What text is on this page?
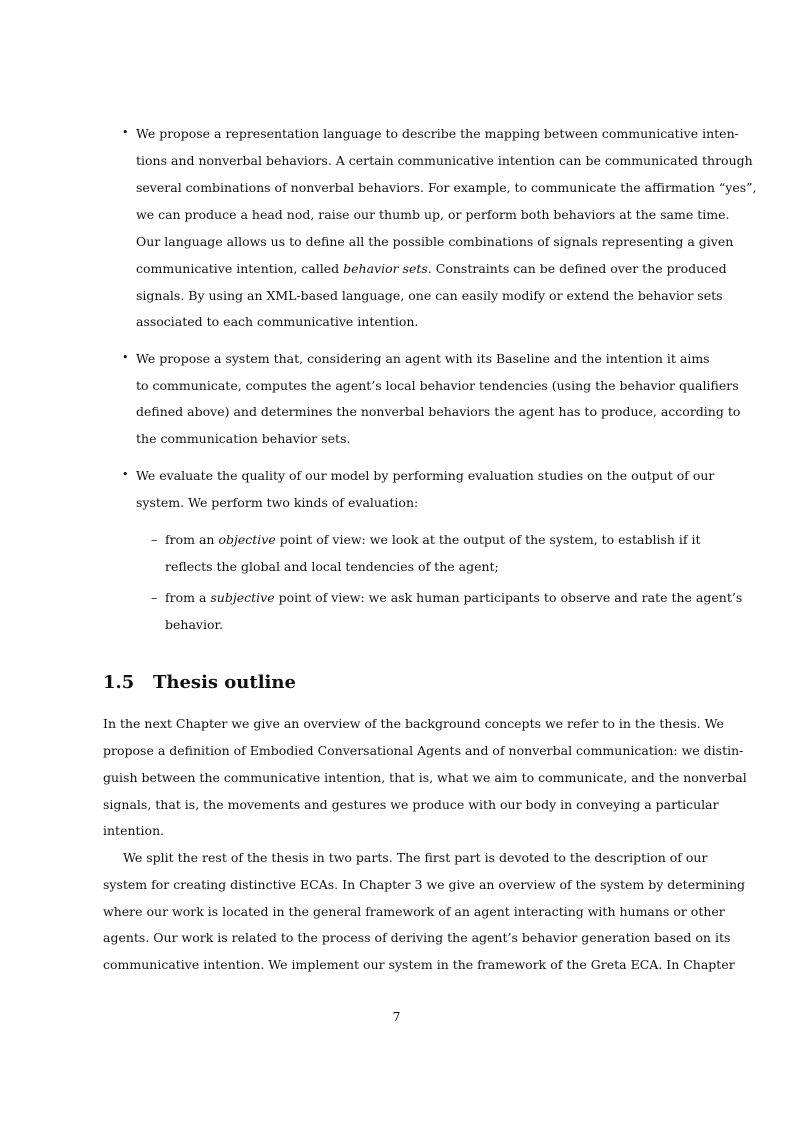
• We propose a representation language to describe the mapping between communicative inten-
tions and nonverbal behaviors. A certain communicative intention can be communicated through
several combinations of nonverbal behaviors. For example, to communicate the affirmation “yes”,
we can produce a head nod, raise our thumb up, or perform both behaviors at the same time.
Our language allows us to define all the possible combinations of signals representing a given
communicative intention, called behavior sets. Constraints can be defined over the produced
signals. By using an XML-based language, one can easily modify or extend the behavior sets
associated to each communicative intention.
• We propose a system that, considering an agent with its Baseline and the intention it aims
to communicate, computes the agent’s local behavior tendencies (using the behavior qualifiers
defined above) and determines the nonverbal behaviors the agent has to produce, according to
the communication behavior sets.
• We evaluate the quality of our model by performing evaluation studies on the output of our
system. We perform two kinds of evaluation:
– from an objective point of view: we look at the output of the system, to establish if it
reflects the global and local tendencies of the agent;
– from a subjective point of view: we ask human participants to observe and rate the agent’s
behavior.
1.5 Thesis outline
In the next Chapter we give an overview of the background concepts we refer to in the thesis. We
propose a definition of Embodied Conversational Agents and of nonverbal communication: we distin-
guish between the communicative intention, that is, what we aim to communicate, and the nonverbal
signals, that is, the movements and gestures we produce with our body in conveying a particular
intention.
We split the rest of the thesis in two parts. The first part is devoted to the description of our
system for creating distinctive ECAs. In Chapter 3 we give an overview of the system by determining
where our work is located in the general framework of an agent interacting with humans or other
agents. Our work is related to the process of deriving the agent’s behavior generation based on its
communicative intention. We implement our system in the framework of the Greta ECA. In Chapter
7
